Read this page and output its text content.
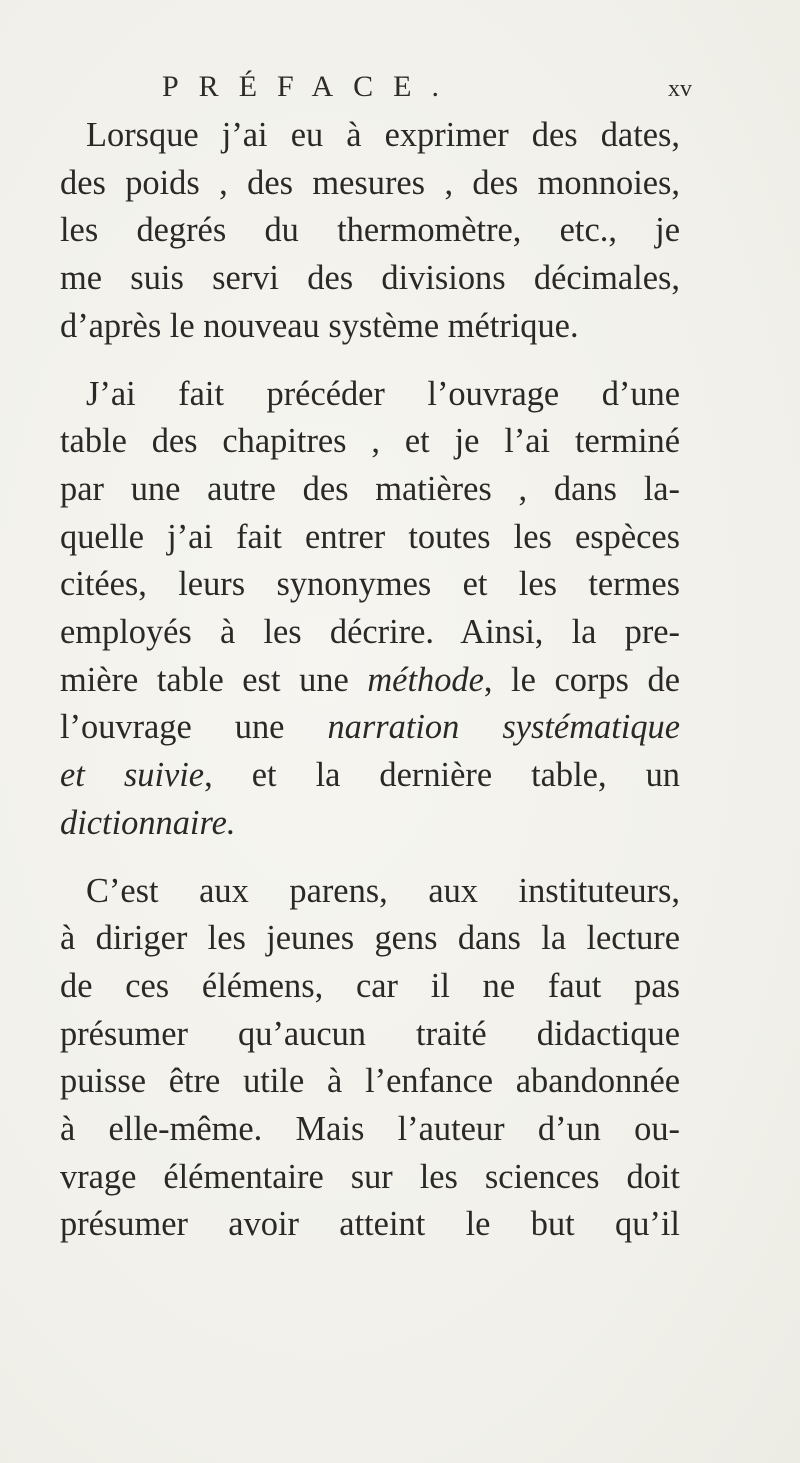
PRÉFACE.	xv
Lorsque j’ai eu à exprimer des dates,
des poids , des mesures , des monnoies,
les degrés du thermomètre, etc., je
me suis servi des divisions décimales,
d’après le nouveau système métrique.
J’ai fait précéder l’ouvrage d’une
table des chapitres , et je l’ai terminé
par une autre des matières , dans la-
quelle j’ai fait entrer toutes les espèces
citées, leurs synonymes et les termes
employés à les décrire. Ainsi, la pre-
mière table est une méthode, le corps de
l’ouvrage une narration systématique
et suivie, et la dernière table, un
dictionnaire.
C’est aux parens, aux instituteurs,
à diriger les jeunes gens dans la lecture
de ces élémens, car il ne faut pas
présumer qu’aucun traité didactique
puisse être utile à l’enfance abandonnée
à elle-même. Mais l’auteur d’un ou-
vrage élémentaire sur les sciences doit
présumer avoir atteint le but qu’il
